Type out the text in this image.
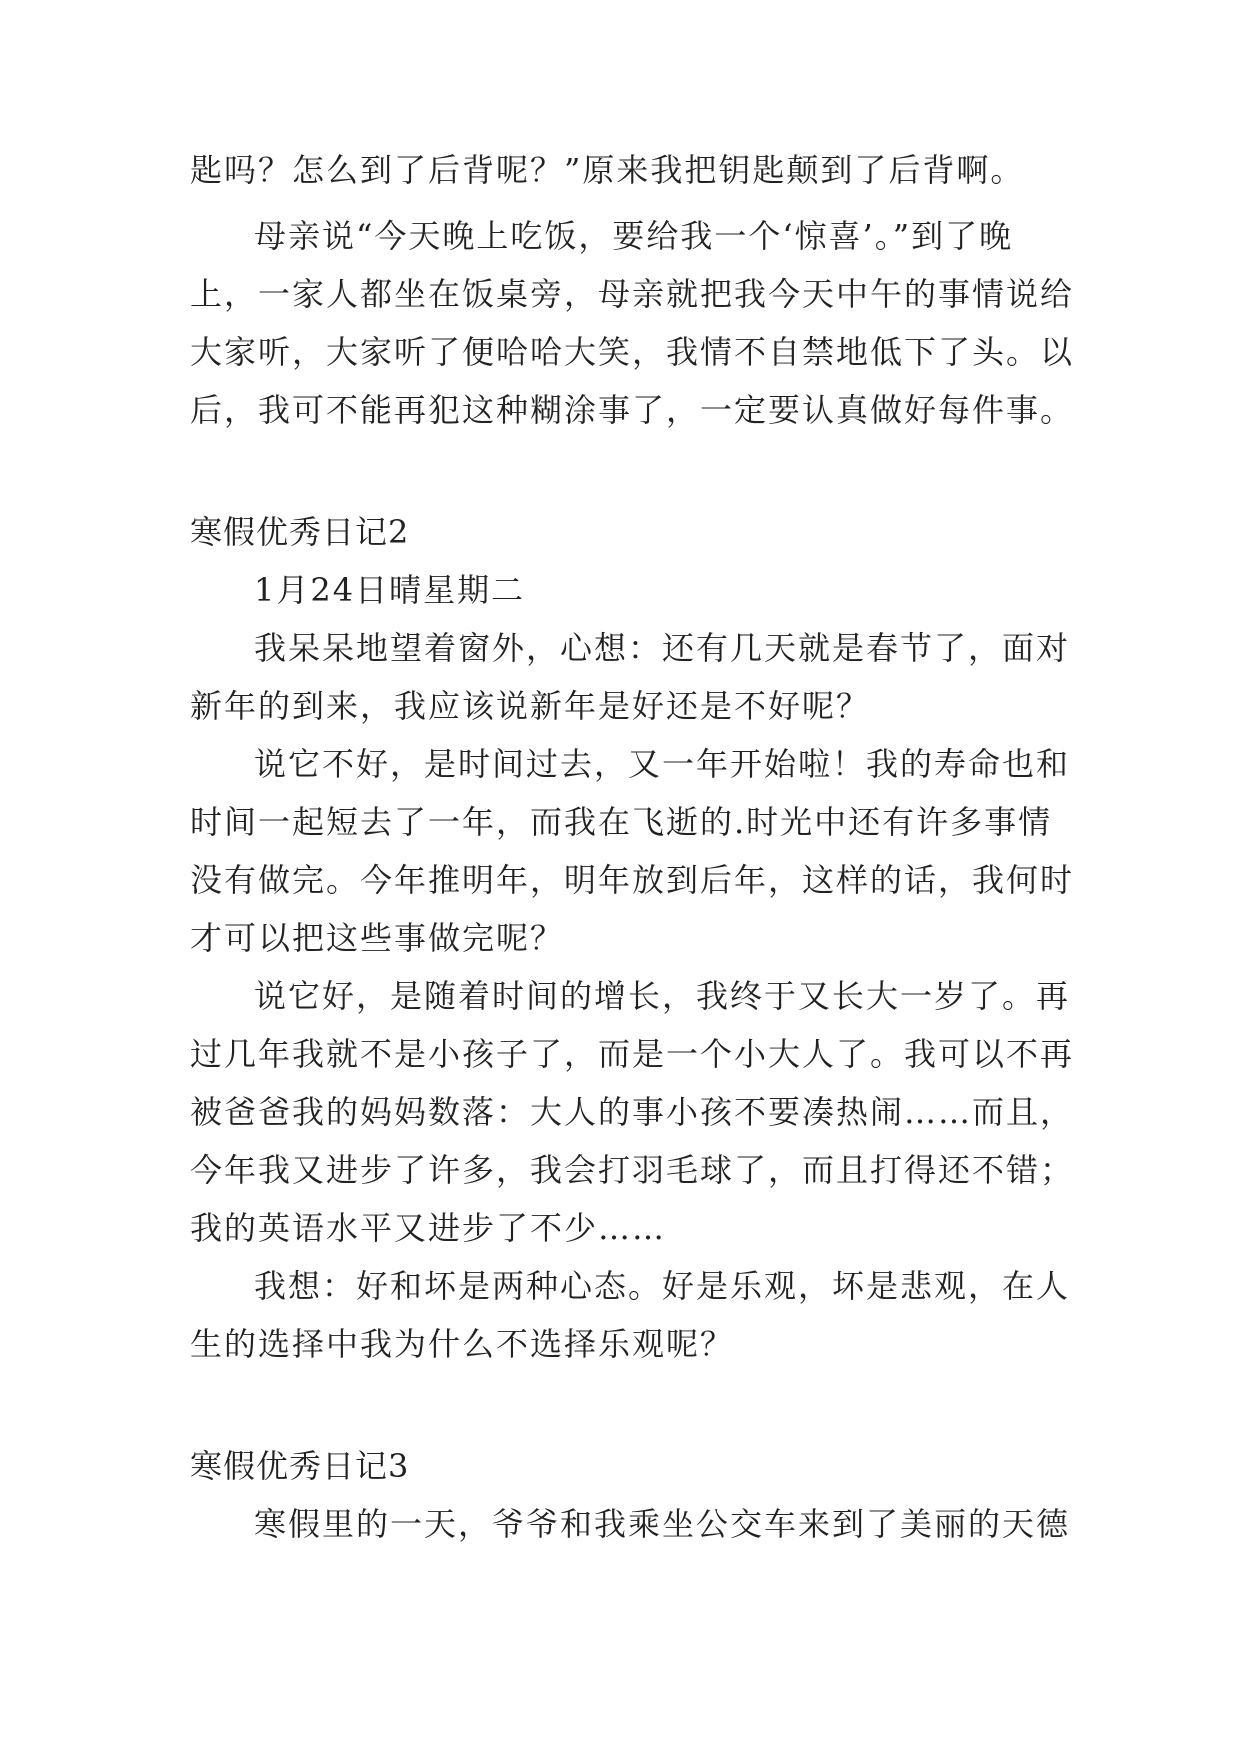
匙吗？怎么到了后背呢？”原来我把钥匙颠到了后背啊。
母亲说“今天晚上吃饭，要给我一个‘惊喜’。”到了晚
上，一家人都坐在饭桌旁，母亲就把我今天中午的事情说给
大家听，大家听了便哈哈大笑，我情不自禁地低下了头。以
后，我可不能再犯这种糊涂事了，一定要认真做好每件事。
寒假优秀日记2
1月24日晴星期二
我呆呆地望着窗外，心想：还有几天就是春节了，面对
新年的到来，我应该说新年是好还是不好呢？
说它不好，是时间过去，又一年开始啦！我的寿命也和
时间一起短去了一年，而我在飞逝的.时光中还有许多事情
没有做完。今年推明年，明年放到后年，这样的话，我何时
才可以把这些事做完呢？
说它好，是随着时间的增长，我终于又长大一岁了。再
过几年我就不是小孩子了，而是一个小大人了。我可以不再
被爸爸我的妈妈数落：大人的事小孩不要凑热闹……而且，
今年我又进步了许多，我会打羽毛球了，而且打得还不错；
我的英语水平又进步了不少……
我想：好和坏是两种心态。好是乐观，坏是悲观，在人
生的选择中我为什么不选择乐观呢？
寒假优秀日记3
寒假里的一天，爷爷和我乘坐公交车来到了美丽的天德
